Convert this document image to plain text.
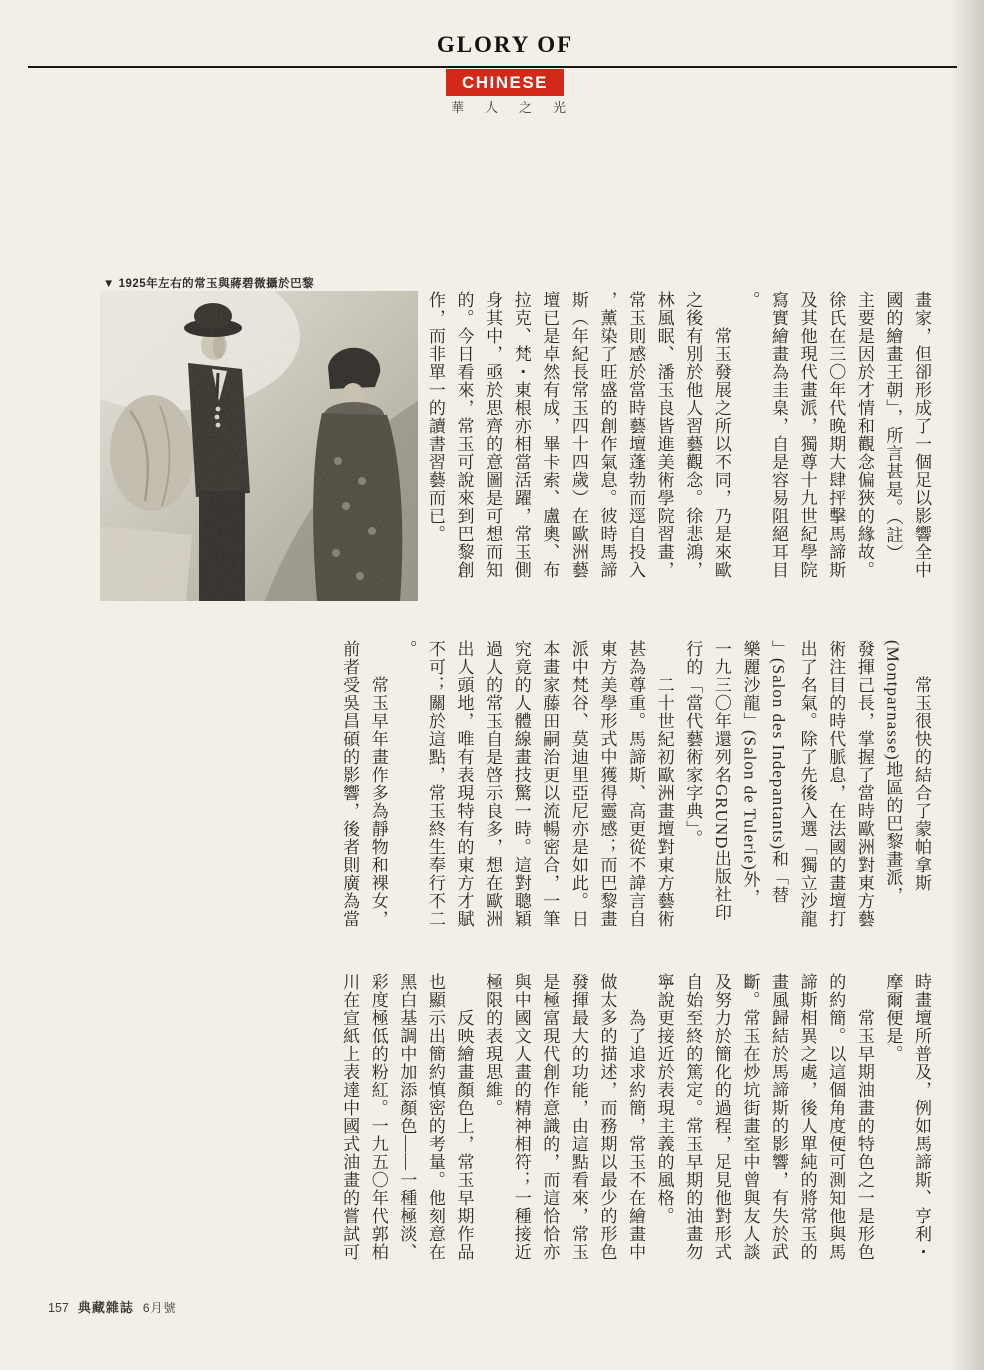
GLORY OF
CHINESE
華人之光
▼ 1925年左右的常玉與蔣碧微攝於巴黎
畫家，但卻形成了一個足以影響全中
國的繪畫王朝」，所言甚是。（註）
主要是因於才情和觀念偏狹的緣故。
徐氏在三〇年代晚期大肆抨擊馬諦斯
及其他現代畫派，獨尊十九世紀學院
寫實繪畫為圭臬，自是容易阻絕耳目
。
常玉發展之所以不同，乃是來歐
之後有別於他人習藝觀念。徐悲鴻，
林風眠、潘玉良皆進美術學院習畫，
常玉則感於當時藝壇蓬勃而逕自投入
，薰染了旺盛的創作氣息。彼時馬諦
斯（年紀長常玉四十四歲）在歐洲藝
壇已是卓然有成，畢卡索、盧奧、布
拉克、梵・東根亦相當活躍，常玉側
身其中，亟於思齊的意圖是可想而知
的。今日看來，常玉可說來到巴黎創
作，而非單一的讀書習藝而已。
常玉很快的結合了蒙帕拿斯
(Montparnasse)地區的巴黎畫派，
發揮己長，掌握了當時歐洲對東方藝
術注目的時代脈息，在法國的畫壇打
出了名氣。除了先後入選「獨立沙龍
」(Salon des Indepantants)和「替
樂麗沙龍」(Salon de Tulerie)外，
一九三〇年還列名GRUND出版社印
行的「當代藝術家字典」。
二十世紀初歐洲畫壇對東方藝術
甚為尊重。馬諦斯、高更從不諱言自
東方美學形式中獲得靈感；而巴黎畫
派中梵谷、莫迪里亞尼亦是如此。日
本畫家藤田嗣治更以流暢密合，一筆
究竟的人體線畫技驚一時。這對聰穎
過人的常玉自是啓示良多，想在歐洲
出人頭地，唯有表現特有的東方才賦
不可；關於這點，常玉終生奉行不二
。
常玉早年畫作多為靜物和裸女，
前者受吳昌碩的影響，後者則廣為當
時畫壇所普及，例如馬諦斯、亨利・
摩爾便是。
常玉早期油畫的特色之一是形色
的約簡。以這個角度便可測知他與馬
諦斯相異之處，後人單純的將常玉的
畫風歸結於馬諦斯的影響，有失於武
斷。常玉在炒坑街畫室中曾與友人談
及努力於簡化的過程，足見他對形式
自始至終的篤定。常玉早期的油畫勿
寧說更接近於表現主義的風格。
為了追求約簡，常玉不在繪畫中
做太多的描述，而務期以最少的形色
發揮最大的功能，由這點看來，常玉
是極富現代創作意識的，而這恰恰亦
與中國文人畫的精神相符；一種接近
極限的表現思維。
反映繪畫顏色上，常玉早期作品
也顯示出簡約慎密的考量。他刻意在
黑白基調中加添顏色——一種極淡、
彩度極低的粉紅。一九五〇年代郭柏
川在宣紙上表達中國式油畫的嘗試可
157 典藏雜誌 6月號
